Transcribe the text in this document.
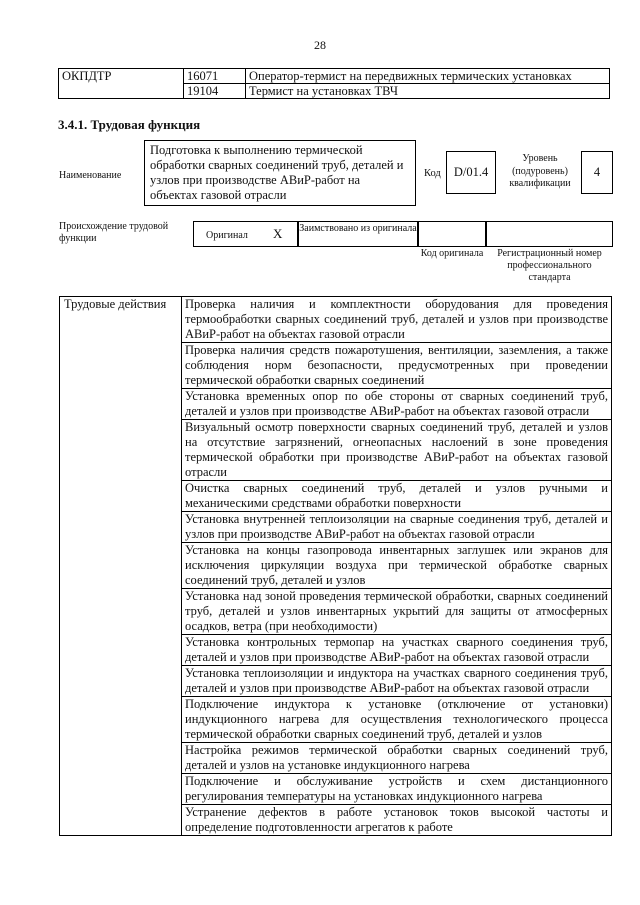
28
ОКПДТР	16071	Оператор-термист на передвижных термических установках
	19104	Термист на установках ТВЧ
3.4.1. Трудовая функция
Наименование
Подготовка к выполнению термической обработки сварных соединений труб, деталей и узлов при производстве АВиР-работ на объектах газовой отрасли
Код	D/01.4
Уровень (подуровень) квалификации
4
Происхождение трудовой функции	Оригинал X Заимствовано из оригинала
Код оригинала	Регистрационный номер профессионального стандарта
Трудовые действия	Проверка наличия и комплектности оборудования для проведения термообработки сварных соединений труб, деталей и узлов при производстве АВиР-работ на объектах газовой отрасли
Проверка наличия средств пожаротушения, вентиляции, заземления, а также соблюдения норм безопасности, предусмотренных при проведении термической обработки сварных соединений
Установка временных опор по обе стороны от сварных соединений труб, деталей и узлов при производстве АВиР-работ на объектах газовой отрасли
Визуальный осмотр поверхности сварных соединений труб, деталей и узлов на отсутствие загрязнений, огнеопасных наслоений в зоне проведения термической обработки при производстве АВиР-работ на объектах газовой отрасли
Очистка сварных соединений труб, деталей и узлов ручными и механическими средствами обработки поверхности
Установка внутренней теплоизоляции на сварные соединения труб, деталей и узлов при производстве АВиР-работ на объектах газовой отрасли
Установка на концы газопровода инвентарных заглушек или экранов для исключения циркуляции воздуха при термической обработке сварных соединений труб, деталей и узлов
Установка над зоной проведения термической обработки, сварных соединений труб, деталей и узлов инвентарных укрытий для защиты от атмосферных осадков, ветра (при необходимости)
Установка контрольных термопар на участках сварного соединения труб, деталей и узлов при производстве АВиР-работ на объектах газовой отрасли
Установка теплоизоляции и индуктора на участках сварного соединения труб, деталей и узлов при производстве АВиР-работ на объектах газовой отрасли
Подключение индуктора к установке (отключение от установки) индукционного нагрева для осуществления технологического процесса термической обработки сварных соединений труб, деталей и узлов
Настройка режимов термической обработки сварных соединений труб, деталей и узлов на установке индукционного нагрева
Подключение и обслуживание устройств и схем дистанционного регулирования температуры на установках индукционного нагрева
Устранение дефектов в работе установок токов высокой частоты и определение подготовленности агрегатов к работе
